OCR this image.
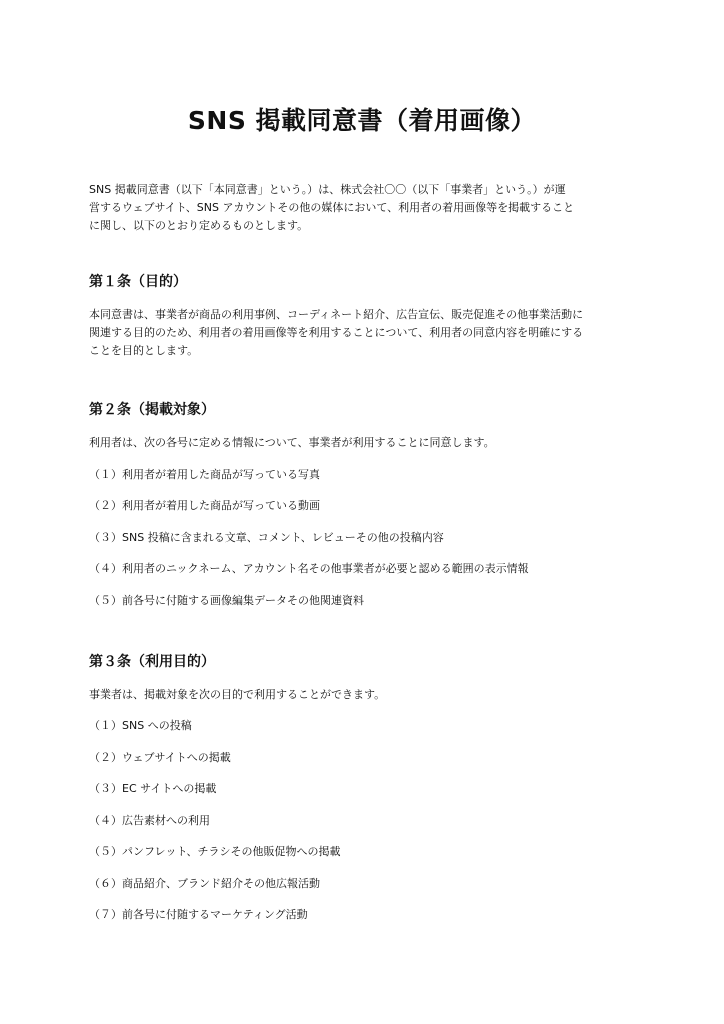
SNS 掲載同意書（着用画像）
SNS 掲載同意書（以下「本同意書」という。）は、株式会社〇〇（以下「事業者」という。）が運
営するウェブサイト、SNS アカウントその他の媒体において、利用者の着用画像等を掲載すること
に関し、以下のとおり定めるものとします。
第１条（目的）
本同意書は、事業者が商品の利用事例、コーディネート紹介、広告宣伝、販売促進その他事業活動に
関連する目的のため、利用者の着用画像等を利用することについて、利用者の同意内容を明確にする
ことを目的とします。
第２条（掲載対象）
利用者は、次の各号に定める情報について、事業者が利用することに同意します。
（１）利用者が着用した商品が写っている写真
（２）利用者が着用した商品が写っている動画
（３）SNS 投稿に含まれる文章、コメント、レビューその他の投稿内容
（４）利用者のニックネーム、アカウント名その他事業者が必要と認める範囲の表示情報
（５）前各号に付随する画像編集データその他関連資料
第３条（利用目的）
事業者は、掲載対象を次の目的で利用することができます。
（１）SNS への投稿
（２）ウェブサイトへの掲載
（３）EC サイトへの掲載
（４）広告素材への利用
（５）パンフレット、チラシその他販促物への掲載
（６）商品紹介、ブランド紹介その他広報活動
（７）前各号に付随するマーケティング活動
